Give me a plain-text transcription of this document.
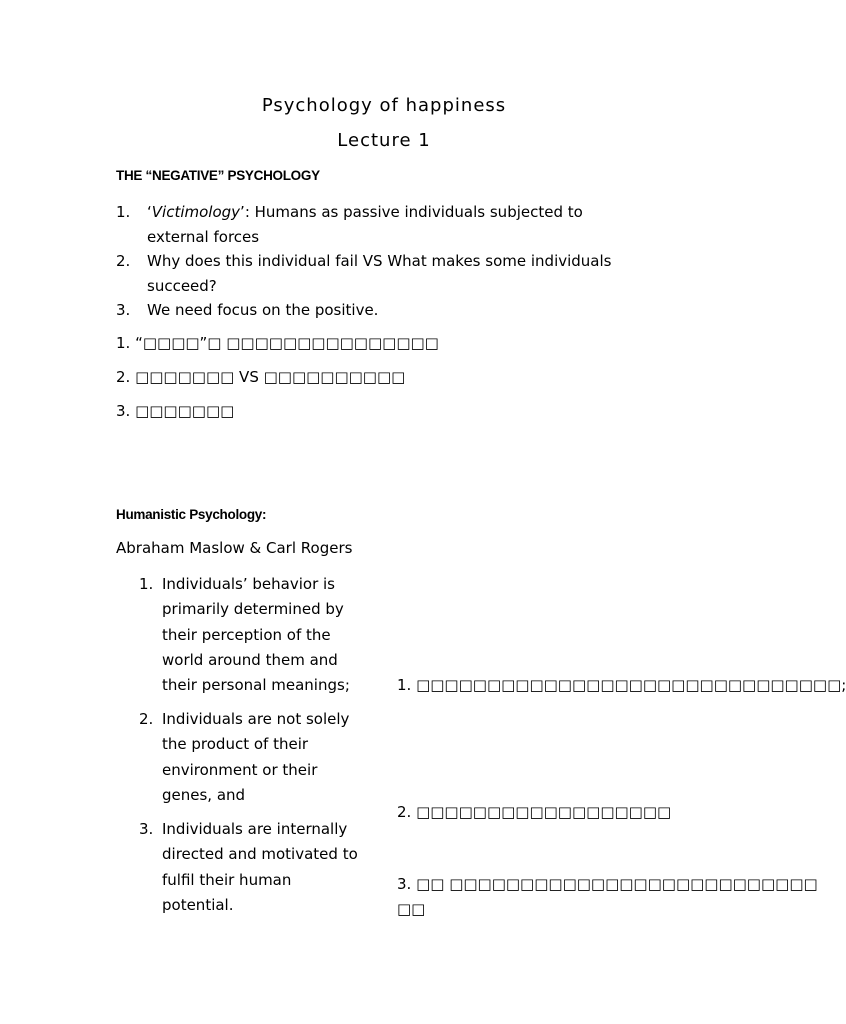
Psychology of happiness
Lecture 1
THE “NEGATIVE” PSYCHOLOGY
1. ‘Victimology’: Humans as passive individuals subjected to external forces
2. Why does this individual fail VS What makes some individuals succeed?
3. We need focus on the positive.
1. “□□□□”□ □□□□□□□□□□□□□□□
2. □□□□□□□ VS □□□□□□□□□□
3. □□□□□□□
Humanistic Psychology:
Abraham Maslow & Carl Rogers
1. Individuals’ behavior is
primarily determined by
their perception of the
world around them and
their personal meanings;	1. □□□□□□□□□□□□□□□□□□□□□□□□□□□□□□;
2. Individuals are not solely
the product of their
environment or their
genes, and
2. □□□□□□□□□□□□□□□□□□
3. Individuals are internally
directed and motivated to
fulfil their human
potential.
3. □□ □□□□□□□□□□□□□□□□□□□□□□□□□□
□□
